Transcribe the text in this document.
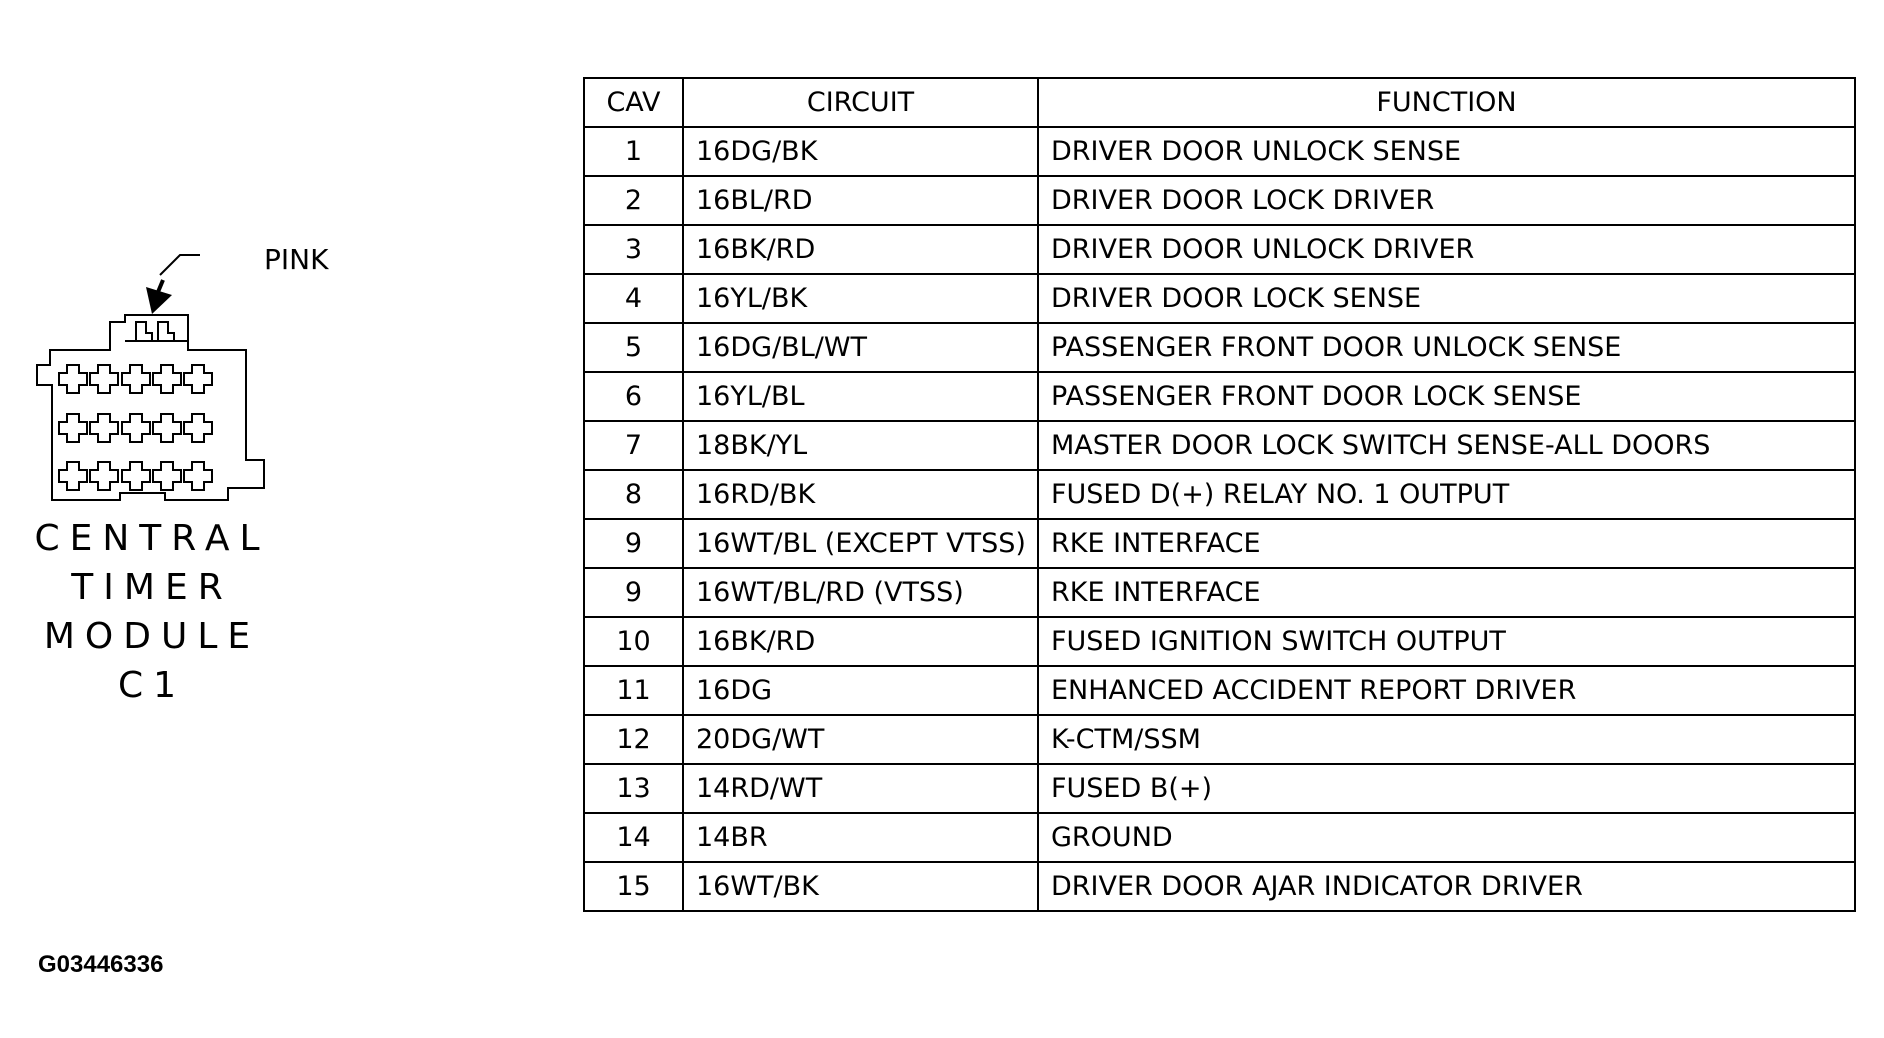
PINK
CENTRAL
TIMER
MODULE
C1
G03446336
CAV	CIRCUIT	FUNCTION
1	16DG/BK	DRIVER DOOR UNLOCK SENSE
2	16BL/RD	DRIVER DOOR LOCK DRIVER
3	16BK/RD	DRIVER DOOR UNLOCK DRIVER
4	16YL/BK	DRIVER DOOR LOCK SENSE
5	16DG/BL/WT	PASSENGER FRONT DOOR UNLOCK SENSE
6	16YL/BL	PASSENGER FRONT DOOR LOCK SENSE
7	18BK/YL	MASTER DOOR LOCK SWITCH SENSE-ALL DOORS
8	16RD/BK	FUSED D(+) RELAY NO. 1 OUTPUT
9	16WT/BL (EXCEPT VTSS)	RKE INTERFACE
9	16WT/BL/RD (VTSS)	RKE INTERFACE
10	16BK/RD	FUSED IGNITION SWITCH OUTPUT
11	16DG	ENHANCED ACCIDENT REPORT DRIVER
12	20DG/WT	K-CTM/SSM
13	14RD/WT	FUSED B(+)
14	14BR	GROUND
15	16WT/BK	DRIVER DOOR AJAR INDICATOR DRIVER
